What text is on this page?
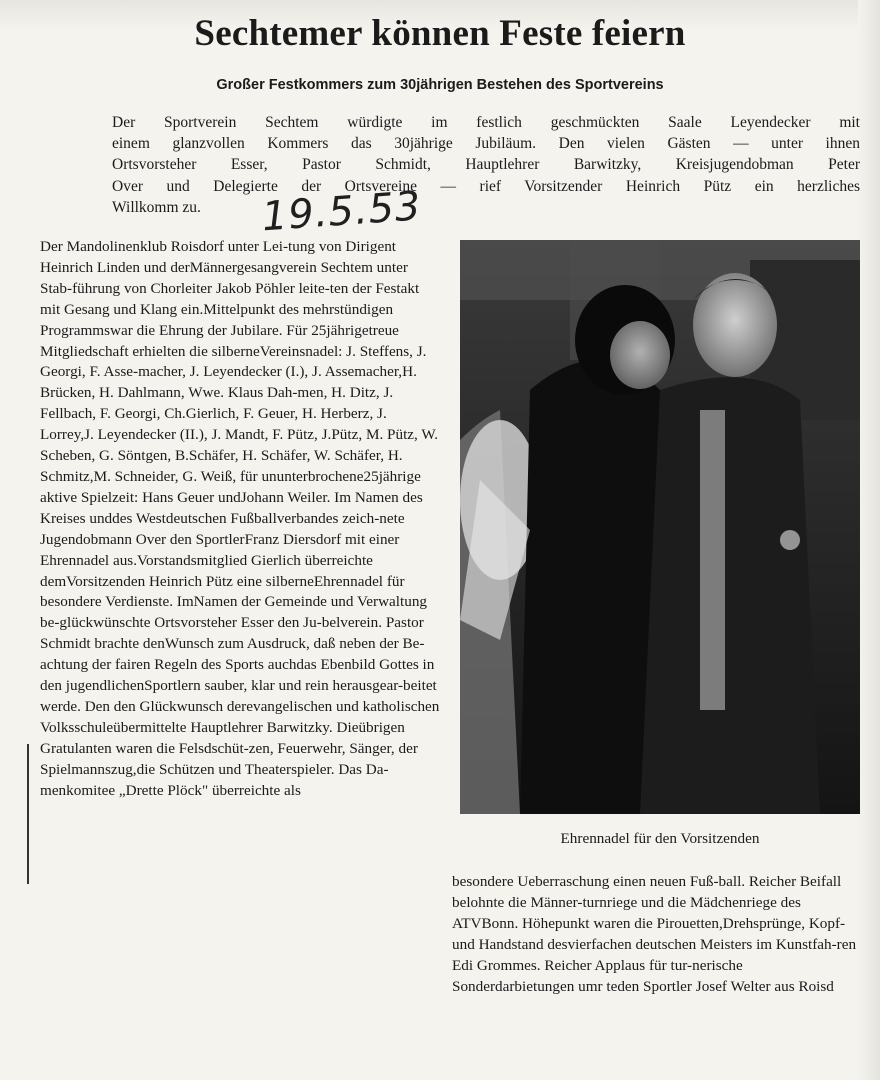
Sechtemer können Feste feiern
Großer Festkommers zum 30jährigen Bestehen des Sportvereins
Der Sportverein Sechtem würdigte im festlich geschmückten Saale Leyendecker mit
einem glanzvollen Kommers das 30jährige Jubiläum. Den vielen Gästen — unter ihnen
Ortsvorsteher Esser, Pastor Schmidt, Hauptlehrer Barwitzky, Kreisjugendobman Peter
Over und Delegierte der Ortsvereine — rief Vorsitzender Heinrich Pütz ein herzliches
Willkomm zu.	19.5.53
Der Mandolinenklub Roisdorf unter Lei-tung von Dirigent Heinrich Linden und derMännergesangverein Sechtem unter Stab-führung von Chorleiter Jakob Pöhler leite-ten der Festakt mit Gesang und Klang ein.Mittelpunkt des mehrstündigen Programmswar die Ehrung der Jubilare. Für 25jährigetreue Mitgliedschaft erhielten die silberneVereinsnadel: J. Steffens, J. Georgi, F. Asse-macher, J. Leyendecker (I.), J. Assemacher,H. Brücken, H. Dahlmann, Wwe. Klaus Dah-men, H. Ditz, J. Fellbach, F. Georgi, Ch.Gierlich, F. Geuer, H. Herberz, J. Lorrey,J. Leyendecker (II.), J. Mandt, F. Pütz, J.Pütz, M. Pütz, W. Scheben, G. Söntgen, B.Schäfer, H. Schäfer, W. Schäfer, H. Schmitz,M. Schneider, G. Weiß, für ununterbrochene25jährige aktive Spielzeit: Hans Geuer undJohann Weiler. Im Namen des Kreises unddes Westdeutschen Fußballverbandes zeich-nete Jugendobmann Over den SportlerFranz Diersdorf mit einer Ehrennadel aus.Vorstandsmitglied Gierlich überreichte demVorsitzenden Heinrich Pütz eine silberneEhrennadel für besondere Verdienste. ImNamen der Gemeinde und Verwaltung be-glückwünschte Ortsvorsteher Esser den Ju-belverein. Pastor Schmidt brachte denWunsch zum Ausdruck, daß neben der Be-achtung der fairen Regeln des Sports auchdas Ebenbild Gottes in den jugendlichenSportlern sauber, klar und rein herausgear-beitet werde. Den den Glückwunsch derevangelischen und katholischen Volksschuleübermittelte Hauptlehrer Barwitzky. Dieübrigen Gratulanten waren die Felsdschüt-zen, Feuerwehr, Sänger, der Spielmannszug,die Schützen und Theaterspieler. Das Da-menkomitee „Drette Plöck" überreichte als
Ehrennadel für den Vorsitzenden
besondere Ueberraschung einen neuen Fuß-ball. Reicher Beifall belohnte die Männer-turnriege und die Mädchenriege des ATVBonn. Höhepunkt waren die Pirouetten,Drehsprünge, Kopf- und Handstand desvierfachen deutschen Meisters im Kunstfah-ren Edi Grommes. Reicher Applaus für tur-nerische Sonderdarbietungen umr teden Sportler Josef Welter aus Roisd
